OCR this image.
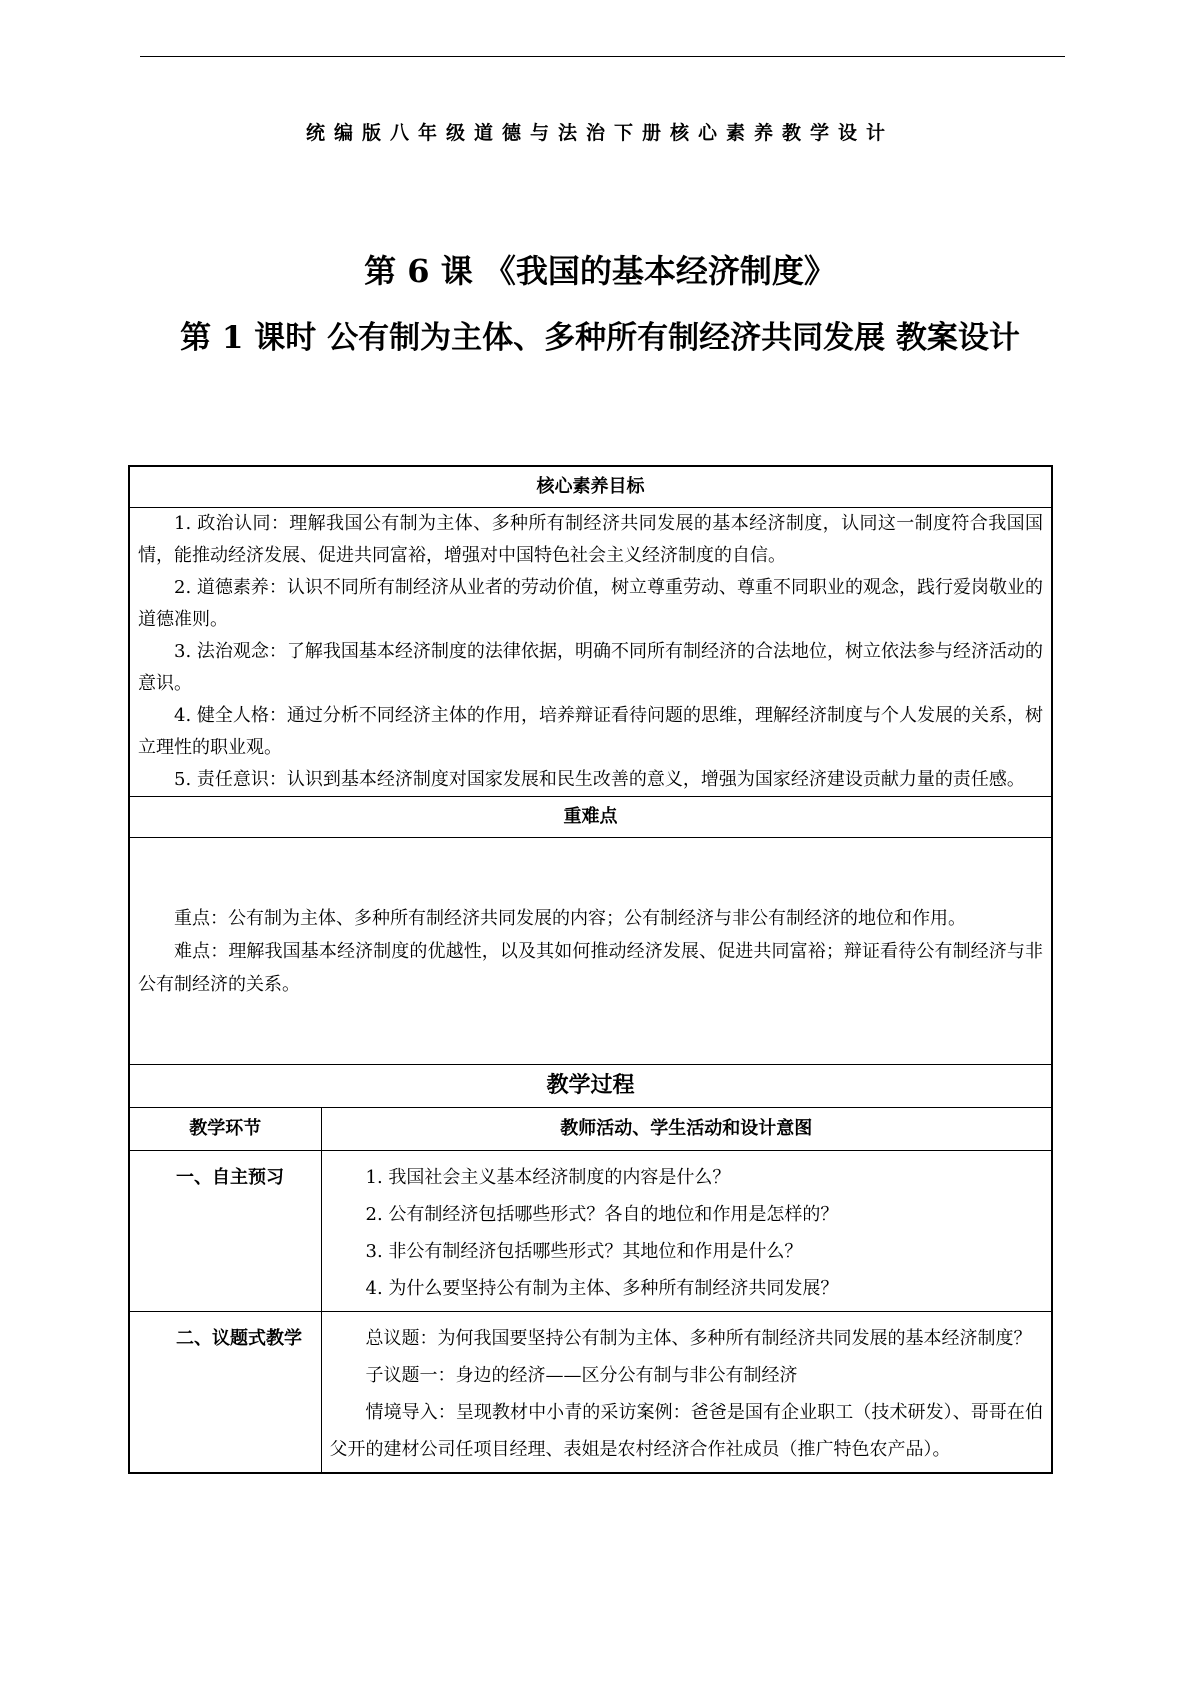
统编版八年级道德与法治下册核心素养教学设计
第 6 课 《我国的基本经济制度》
第 1 课时 公有制为主体、多种所有制经济共同发展 教案设计
核心素养目标	

1. 政治认同：理解我国公有制为主体、多种所有制经济共同发展的基本经济制度，认同这一制度符合我国国情，能推动经济发展、促进共同富裕，增强对中国特色社会主义经济制度的自信。

2. 道德素养：认识不同所有制经济从业者的劳动价值，树立尊重劳动、尊重不同职业的观念，践行爱岗敬业的道德准则。

3. 法治观念：了解我国基本经济制度的法律依据，明确不同所有制经济的合法地位，树立依法参与经济活动的意识。

4. 健全人格：通过分析不同经济主体的作用，培养辩证看待问题的思维，理解经济制度与个人发展的关系，树立理性的职业观。

5. 责任意识：认识到基本经济制度对国家发展和民生改善的意义，增强为国家经济建设贡献力量的责任感。	

重难点	

重点：公有制为主体、多种所有制经济共同发展的内容；公有制经济与非公有制经济的地位和作用。

难点：理解我国基本经济制度的优越性，以及其如何推动经济发展、促进共同富裕；辩证看待公有制经济与非公有制经济的关系。	

教学过程	
教学环节	教师活动、学生活动和设计意图
一、自主预习	1. 我国社会主义基本经济制度的内容是什么？

2. 公有制经济包括哪些形式？各自的地位和作用是怎样的？

3. 非公有制经济包括哪些形式？其地位和作用是什么？

4. 为什么要坚持公有制为主体、多种所有制经济共同发展？

二、议题式教学	总议题：为何我国要坚持公有制为主体、多种所有制经济共同发展的基本经济制度？

子议题一：身边的经济——区分公有制与非公有制经济

情境导入：呈现教材中小青的采访案例：爸爸是国有企业职工（技术研发）、哥哥在伯父开的建材公司任项目经理、表姐是农村经济合作社成员（推广特色农产品）。
